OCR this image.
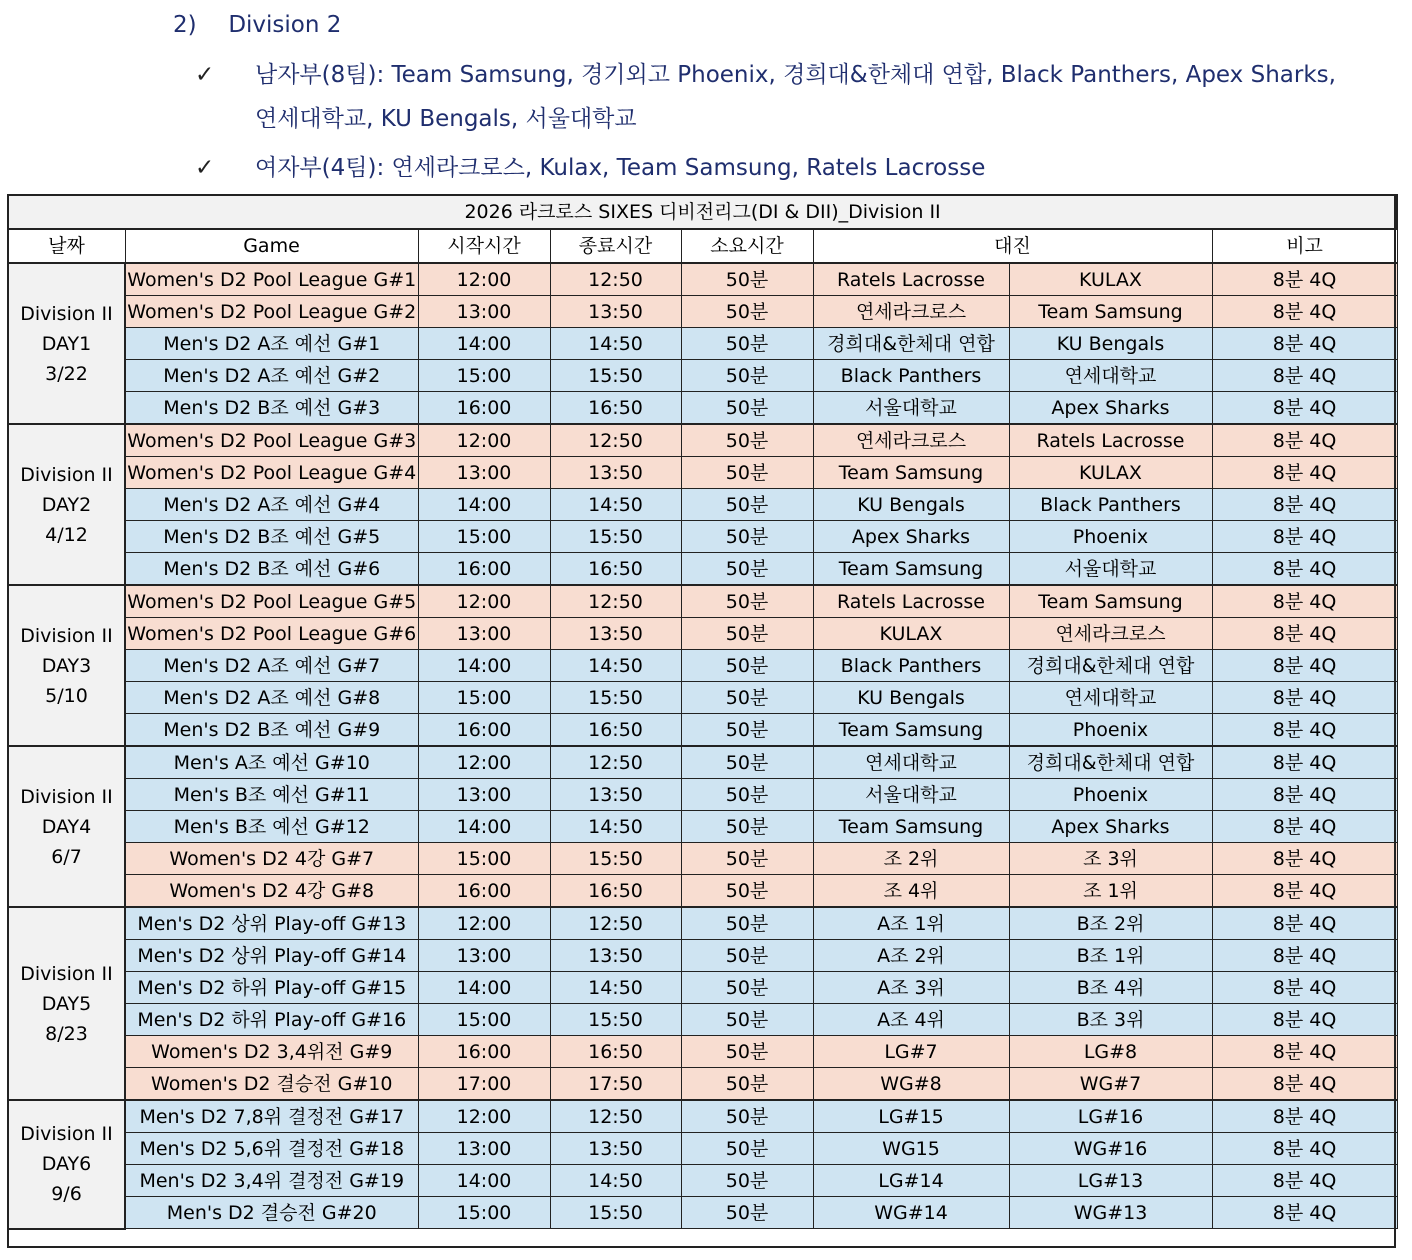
2) Division 2
✓	남자부(8팀): Team Samsung, 경기외고 Phoenix, 경희대&한체대 연합, Black Panthers, Apex Sharks,
연세대학교, KU Bengals, 서울대학교
✓	여자부(4팀): 연세라크로스, Kulax, Team Samsung, Ratels Lacrosse
2026 라크로스 SIXES 디비전리그(DI & DII)_Division II							
날짜	Game	시작시간	종료시간	소요시간	대진		비고

Division II
DAY1
3/22	Women's D2 Pool League G#1	12:00	12:50	50분	Ratels Lacrosse	KULAX	8분 4Q
	Women's D2 Pool League G#2	13:00	13:50	50분	연세라크로스	Team Samsung	8분 4Q
	Men's D2 A조 예선 G#1	14:00	14:50	50분	경희대&한체대 연합	KU Bengals	8분 4Q
	Men's D2 A조 예선 G#2	15:00	15:50	50분	Black Panthers	연세대학교	8분 4Q
	Men's D2 B조 예선 G#3	16:00	16:50	50분	서울대학교	Apex Sharks	8분 4Q

Division II
DAY2
4/12	Women's D2 Pool League G#3	12:00	12:50	50분	연세라크로스	Ratels Lacrosse	8분 4Q
	Women's D2 Pool League G#4	13:00	13:50	50분	Team Samsung	KULAX	8분 4Q
	Men's D2 A조 예선 G#4	14:00	14:50	50분	KU Bengals	Black Panthers	8분 4Q
	Men's D2 B조 예선 G#5	15:00	15:50	50분	Apex Sharks	Phoenix	8분 4Q
	Men's D2 B조 예선 G#6	16:00	16:50	50분	Team Samsung	서울대학교	8분 4Q

Division II
DAY3
5/10	Women's D2 Pool League G#5	12:00	12:50	50분	Ratels Lacrosse	Team Samsung	8분 4Q
	Women's D2 Pool League G#6	13:00	13:50	50분	KULAX	연세라크로스	8분 4Q
	Men's D2 A조 예선 G#7	14:00	14:50	50분	Black Panthers	경희대&한체대 연합	8분 4Q
	Men's D2 A조 예선 G#8	15:00	15:50	50분	KU Bengals	연세대학교	8분 4Q
	Men's D2 B조 예선 G#9	16:00	16:50	50분	Team Samsung	Phoenix	8분 4Q

Division II
DAY4
6/7	Men's A조 예선 G#10	12:00	12:50	50분	연세대학교	경희대&한체대 연합	8분 4Q
	Men's B조 예선 G#11	13:00	13:50	50분	서울대학교	Phoenix	8분 4Q
	Men's B조 예선 G#12	14:00	14:50	50분	Team Samsung	Apex Sharks	8분 4Q
	Women's D2 4강 G#7	15:00	15:50	50분	조 2위	조 3위	8분 4Q
	Women's D2 4강 G#8	16:00	16:50	50분	조 4위	조 1위	8분 4Q

Division II
DAY5
8/23	Men's D2 상위 Play-off G#13	12:00	12:50	50분	A조 1위	B조 2위	8분 4Q
	Men's D2 상위 Play-off G#14	13:00	13:50	50분	A조 2위	B조 1위	8분 4Q
	Men's D2 하위 Play-off G#15	14:00	14:50	50분	A조 3위	B조 4위	8분 4Q
	Men's D2 하위 Play-off G#16	15:00	15:50	50분	A조 4위	B조 3위	8분 4Q
	Women's D2 3,4위전 G#9	16:00	16:50	50분	LG#7	LG#8	8분 4Q
	Women's D2 결승전 G#10	17:00	17:50	50분	WG#8	WG#7	8분 4Q

Division II
DAY6
9/6	Men's D2 7,8위 결정전 G#17	12:00	12:50	50분	LG#15	LG#16	8분 4Q
	Men's D2 5,6위 결정전 G#18	13:00	13:50	50분	WG15	WG#16	8분 4Q
	Men's D2 3,4위 결정전 G#19	14:00	14:50	50분	LG#14	LG#13	8분 4Q
	Men's D2 결승전 G#20	15:00	15:50	50분	WG#14	WG#13	8분 4Q
